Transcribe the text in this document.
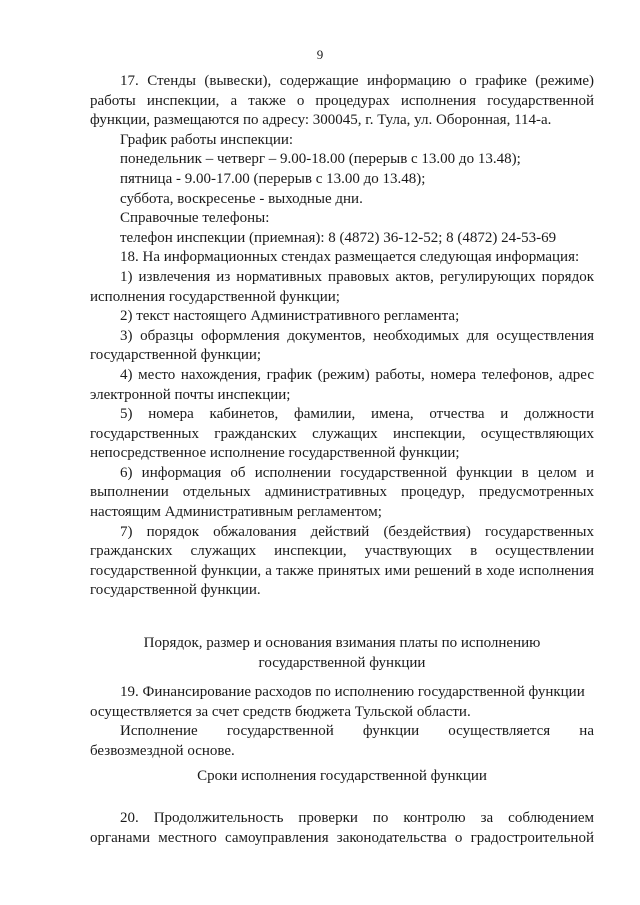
9
17. Стенды (вывески), содержащие информацию о графике (режиме)
работы инспекции, а также о процедурах исполнения государственной
функции, размещаются по адресу: 300045, г. Тула, ул. Оборонная, 114-а.
График работы инспекции:
понедельник – четверг – 9.00-18.00 (перерыв с 13.00 до 13.48);
пятница - 9.00-17.00 (перерыв с 13.00 до 13.48);
суббота, воскресенье - выходные дни.
Справочные телефоны:
телефон инспекции (приемная): 8 (4872) 36-12-52; 8 (4872) 24-53-69
18. На информационных стендах размещается следующая информация:
1) извлечения из нормативных правовых актов, регулирующих порядок
исполнения государственной функции;
2) текст настоящего Административного регламента;
3) образцы оформления документов, необходимых для осуществления
государственной функции;
4) место нахождения, график (режим) работы, номера телефонов, адрес
электронной почты инспекции;
5) номера кабинетов, фамилии, имена, отчества и должности
государственных гражданских служащих инспекции, осуществляющих
непосредственное исполнение государственной функции;
6) информация об исполнении государственной функции в целом и
выполнении отдельных административных процедур, предусмотренных
настоящим Административным регламентом;
7) порядок обжалования действий (бездействия) государственных
гражданских служащих инспекции, участвующих в осуществлении
государственной функции, а также принятых ими решений в ходе исполнения
государственной функции.
Порядок, размер и основания взимания платы по исполнению
государственной функции
19. Финансирование расходов по исполнению государственной функции
осуществляется за счет средств бюджета Тульской области.
Исполнение государственной функции осуществляется на
безвозмездной основе.
Сроки исполнения государственной функции
20. Продолжительность проверки по контролю за соблюдением
органами местного самоуправления законодательства о градостроительной
